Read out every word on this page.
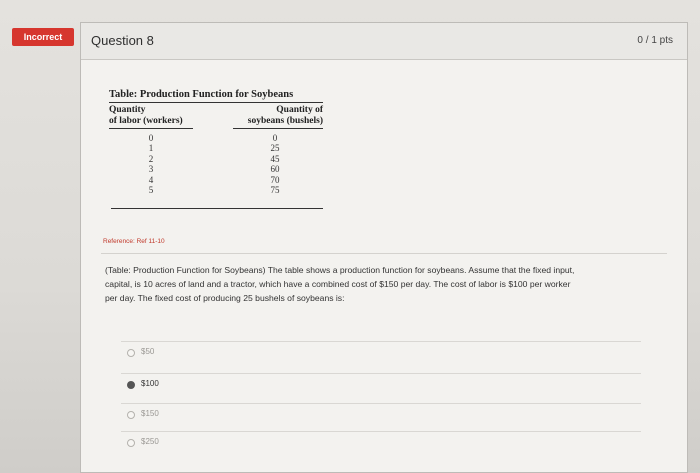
Incorrect	Question 8	0 / 1 pts
Table: Production Function for Soybeans
Quantity
of labor (workers)
Quantity of
soybeans (bushels)
0
1
2
3
4
5
0
25
45
60
70
75
Reference: Ref 11-10
(Table: Production Function for Soybeans) The table shows a production function for soybeans. Assume that the fixed input, capital, is 10 acres of land and a tractor, which have a combined cost of $150 per day. The cost of labor is $100 per worker per day. The fixed cost of producing 25 bushels of soybeans is:
$50
$100
$150
$250
